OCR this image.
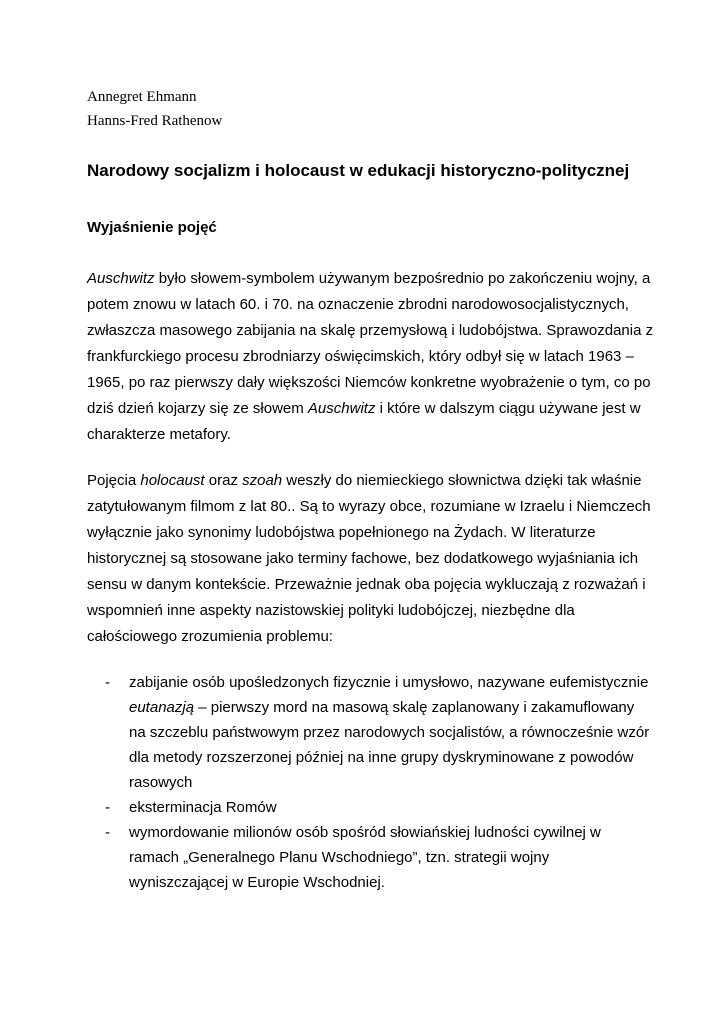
Annegret Ehmann
Hanns-Fred Rathenow
Narodowy socjalizm i holocaust w edukacji historyczno-politycznej
Wyjaśnienie pojęć

Auschwitz było słowem-symbolem używanym bezpośrednio po zakończeniu wojny, a
potem znowu w latach 60. i 70. na oznaczenie zbrodni narodowosocjalistycznych,
zwłaszcza masowego zabijania na skalę przemysłową i ludobójstwa. Sprawozdania z
frankfurckiego procesu zbrodniarzy oświęcimskich, który odbył się w latach 1963 –
1965, po raz pierwszy dały większości Niemców konkretne wyobrażenie o tym, co po
dziś dzień kojarzy się ze słowem Auschwitz i które w dalszym ciągu używane jest w
charakterze metafory.

Pojęcia holocaust oraz szoah weszły do niemieckiego słownictwa dzięki tak właśnie
zatytułowanym filmom z lat 80.. Są to wyrazy obce, rozumiane w Izraelu i Niemczech
wyłącznie jako synonimy ludobójstwa popełnionego na Żydach. W literaturze
historycznej są stosowane jako terminy fachowe, bez dodatkowego wyjaśniania ich
sensu w danym kontekście. Przeważnie jednak oba pojęcia wykluczają z rozważań i
wspomnień inne aspekty nazistowskiej polityki ludobójczej, niezbędne dla
całościowego zrozumienia problemu:

- zabijanie osób upośledzonych fizycznie i umysłowo, nazywane eufemistycznie
eutanazją – pierwszy mord na masową skalę zaplanowany i zakamuflowany
na szczeblu państwowym przez narodowych socjalistów, a równocześnie wzór
dla metody rozszerzonej później na inne grupy dyskryminowane z powodów
rasowych
- eksterminacja Romów
- wymordowanie milionów osób spośród słowiańskiej ludności cywilnej w
ramach „Generalnego Planu Wschodniego”, tzn. strategii wojny
wyniszczającej w Europie Wschodniej.
